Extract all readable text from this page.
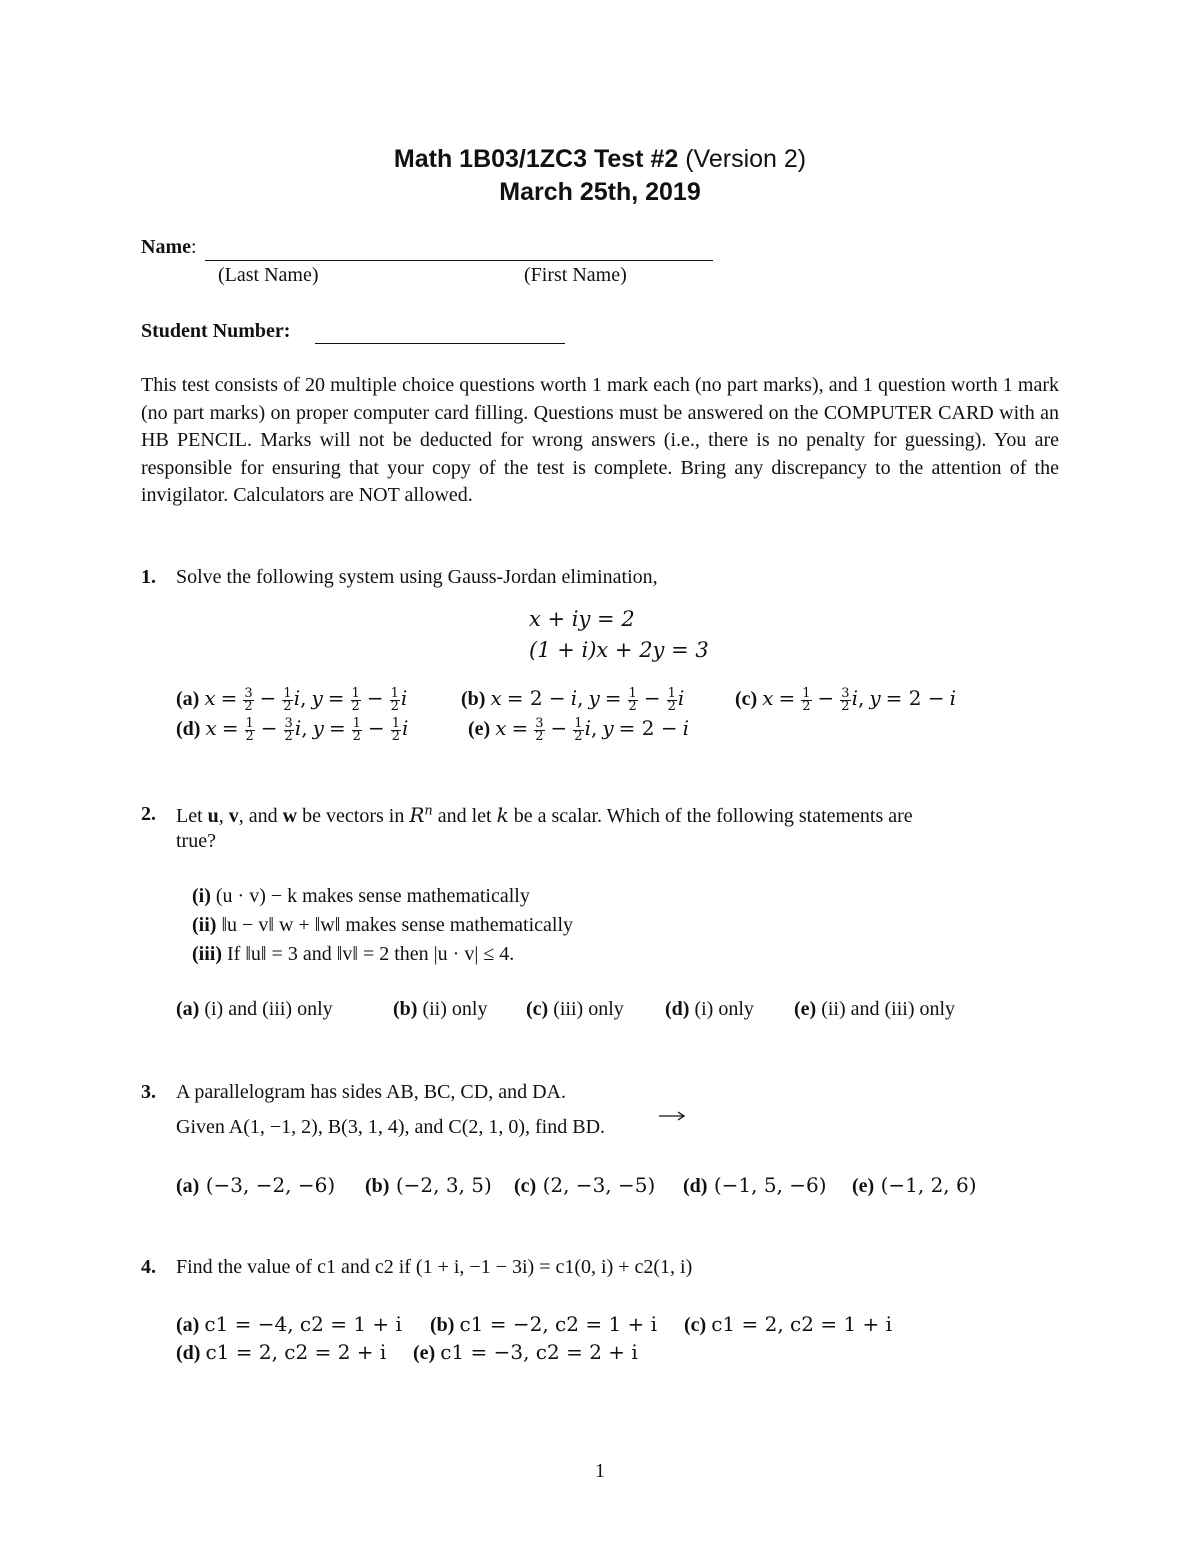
Math 1B03/1ZC3 Test #2 (Version 2)
March 25th, 2019
Name:
(Last Name)	(First Name)
Student Number:
This test consists of 20 multiple choice questions worth 1 mark each (no part marks), and 1 question worth 1 mark (no part marks) on proper computer card filling. Questions must be answered on the COMPUTER CARD with an HB PENCIL. Marks will not be deducted for wrong answers (i.e., there is no penalty for guessing). You are responsible for ensuring that your copy of the test is complete. Bring any discrepancy to the attention of the invigilator. Calculators are NOT allowed.
1. Solve the following system using Gauss-Jordan elimination,
x + iy = 2
(1 + i)x + 2y = 3
(a) $x = \frac{3}{2} - \frac{1}{2} i$, $y = \frac{1}{2} - \frac{1}{2}$ i	(b) x = 2 − i, $y = \frac{1}{2} - \frac{1}{2}$ i	(c) $x = \frac{1}{2} - \frac{3}{2} i$, y = 2 − i
(d) $x = \frac{1}{2} - \frac{3}{2} i$, $y = \frac{1}{2} - \frac{1}{2}$ i	(e) $x = \frac{3}{2} - \frac{1}{2} i$, y = 2 − i
2. Let u, v, and w be vectors in $R^n$ and let k be a scalar. Which of the following statements are
true?
(i) (u · v) − k makes sense mathematically
(ii) ‖u − v‖ w + ‖w‖ makes sense mathematically
(iii) If ‖u‖ = 3 and ‖v‖ = 2 then |u · v| ≤ 4.
(a) (i) and (iii) only	(b) (ii) only (c) (iii) only (d) (i) only (e) (ii) and (iii) only
3. A parallelogram has sides AB, BC, CD, and DA.
Given A(1, −1, 2), B(3, 1, 4), and C(2, 1, 0), find BD.
(a) (−3, −2, −6) (b) (−2, 3, 5) (c) (2, −3, −5) (d) (−1, 5, −6) (e) (−1, 2, 6)
4. Find the value of c1 and c2 if (1 + i, −1 − 3i) = c1(0, i) + c2(1, i)
(a) c1 = −4, c2 = 1 + i (b) c1 = −2, c2 = 1 + i (c) c1 = 2, c2 = 1 + i
(d) c1 = 2, c2 = 2 + i (e) c1 = −3, c2 = 2 + i
1
